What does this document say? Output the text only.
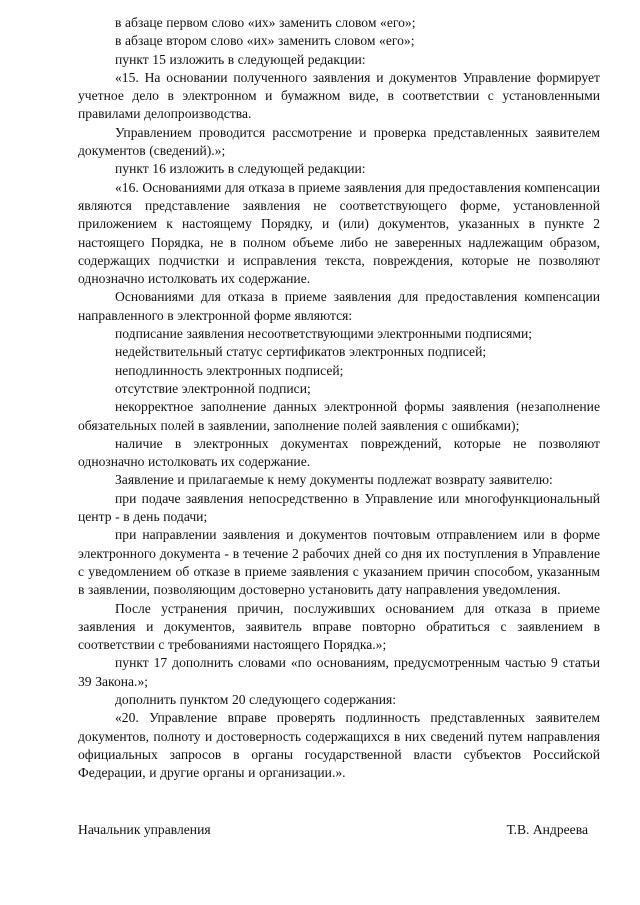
в абзаце первом слово «их» заменить словом «его»;

в абзаце втором слово «их» заменить словом «его»;

пункт 15 изложить в следующей редакции:

«15. На основании полученного заявления и документов Управление формирует учетное дело в электронном и бумажном виде, в соответствии с установленными правилами делопроизводства.

Управлением проводится рассмотрение и проверка представленных заявителем документов (сведений).»;

пункт 16 изложить в следующей редакции:

«16. Основаниями для отказа в приеме заявления для предоставления компенсации являются представление заявления не соответствующего форме, установленной приложением к настоящему Порядку, и (или) документов, указанных в пункте 2 настоящего Порядка, не в полном объеме либо не заверенных надлежащим образом, содержащих подчистки и исправления текста, повреждения, которые не позволяют однозначно истолковать их содержание.

Основаниями для отказа в приеме заявления для предоставления компенсации направленного в электронной форме являются:

подписание заявления несоответствующими электронными подписями;

недействительный статус сертификатов электронных подписей;

неподлинность электронных подписей;

отсутствие электронной подписи;

некорректное заполнение данных электронной формы заявления (незаполнение обязательных полей в заявлении, заполнение полей заявления с ошибками);

наличие в электронных документах повреждений, которые не позволяют однозначно истолковать их содержание.

Заявление и прилагаемые к нему документы подлежат возврату заявителю:

при подаче заявления непосредственно в Управление или многофункциональный центр - в день подачи;

при направлении заявления и документов почтовым отправлением или в форме электронного документа - в течение 2 рабочих дней со дня их поступления в Управление с уведомлением об отказе в приеме заявления с указанием причин способом, указанным в заявлении, позволяющим достоверно установить дату направления уведомления.

После устранения причин, послуживших основанием для отказа в приеме заявления и документов, заявитель вправе повторно обратиться с заявлением в соответствии с требованиями настоящего Порядка.»;

пункт 17 дополнить словами «по основаниям, предусмотренным частью 9 статьи 39 Закона.»;

дополнить пунктом 20 следующего содержания:

«20. Управление вправе проверять подлинность представленных заявителем документов, полноту и достоверность содержащихся в них сведений путем направления официальных запросов в органы государственной власти субъектов Российской Федерации, и другие органы и организации.».

Начальник управления	Т.В. Андреева
